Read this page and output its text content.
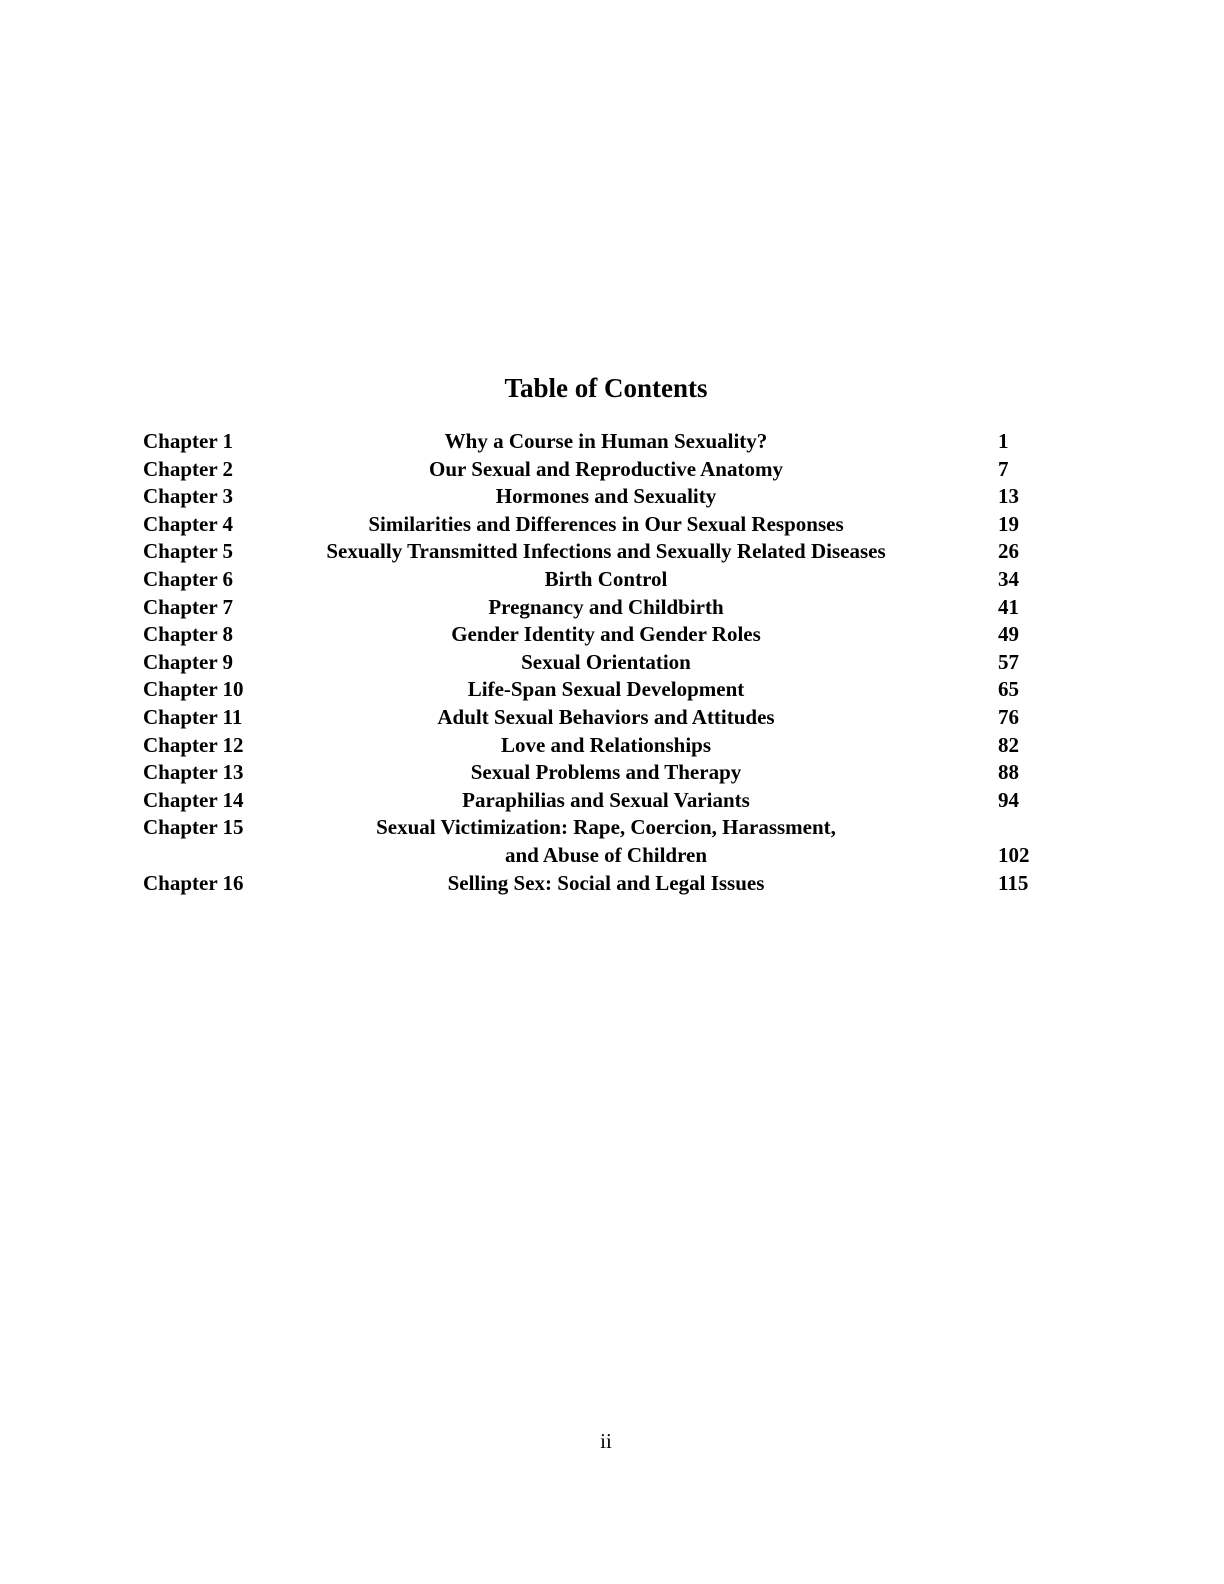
Table of Contents
Chapter 1	Why a Course in Human Sexuality?	1
Chapter 2	Our Sexual and Reproductive Anatomy	7
Chapter 3	Hormones and Sexuality	13
Chapter 4	Similarities and Differences in Our Sexual Responses	19
Chapter 5	Sexually Transmitted Infections and Sexually Related Diseases	26
Chapter 6	Birth Control	34
Chapter 7	Pregnancy and Childbirth	41
Chapter 8	Gender Identity and Gender Roles	49
Chapter 9	Sexual Orientation	57
Chapter 10	Life-Span Sexual Development	65
Chapter 11	Adult Sexual Behaviors and Attitudes	76
Chapter 12	Love and Relationships	82
Chapter 13	Sexual Problems and Therapy	88
Chapter 14	Paraphilias and Sexual Variants	94
Chapter 15	Sexual Victimization: Rape, Coercion, Harassment,
and Abuse of Children	102
Chapter 16	Selling Sex: Social and Legal Issues	115
ii
